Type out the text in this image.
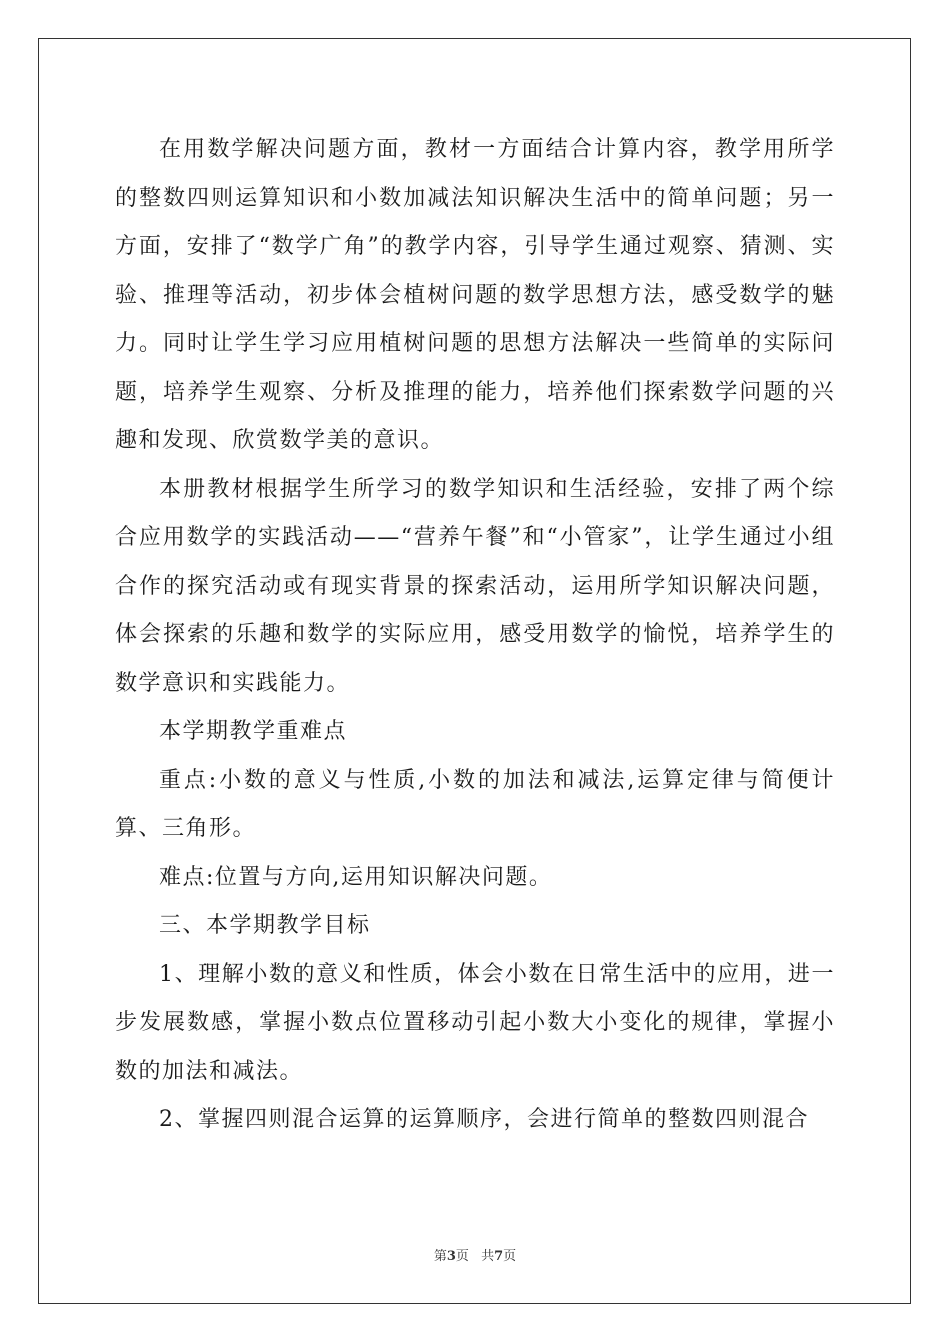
在用数学解决问题方面，教材一方面结合计算内容，教学用所学的整数四则运算知识和小数加减法知识解决生活中的简单问题；另一方面，安排了“数学广角”的教学内容，引导学生通过观察、猜测、实验、推理等活动，初步体会植树问题的数学思想方法，感受数学的魅力。同时让学生学习应用植树问题的思想方法解决一些简单的实际问题，培养学生观察、分析及推理的能力，培养他们探索数学问题的兴趣和发现、欣赏数学美的意识。

本册教材根据学生所学习的数学知识和生活经验，安排了两个综合应用数学的实践活动——“营养午餐”和“小管家”，让学生通过小组合作的探究活动或有现实背景的探索活动，运用所学知识解决问题，体会探索的乐趣和数学的实际应用，感受用数学的愉悦，培养学生的数学意识和实践能力。

本学期教学重难点

重点:小数的意义与性质,小数的加法和减法,运算定律与简便计算、三角形。

难点:位置与方向,运用知识解决问题。

三、本学期教学目标

1、理解小数的意义和性质，体会小数在日常生活中的应用，进一步发展数感，掌握小数点位置移动引起小数大小变化的规律，掌握小数的加法和减法。

2、掌握四则混合运算的运算顺序，会进行简单的整数四则混合

第3页 共7页
